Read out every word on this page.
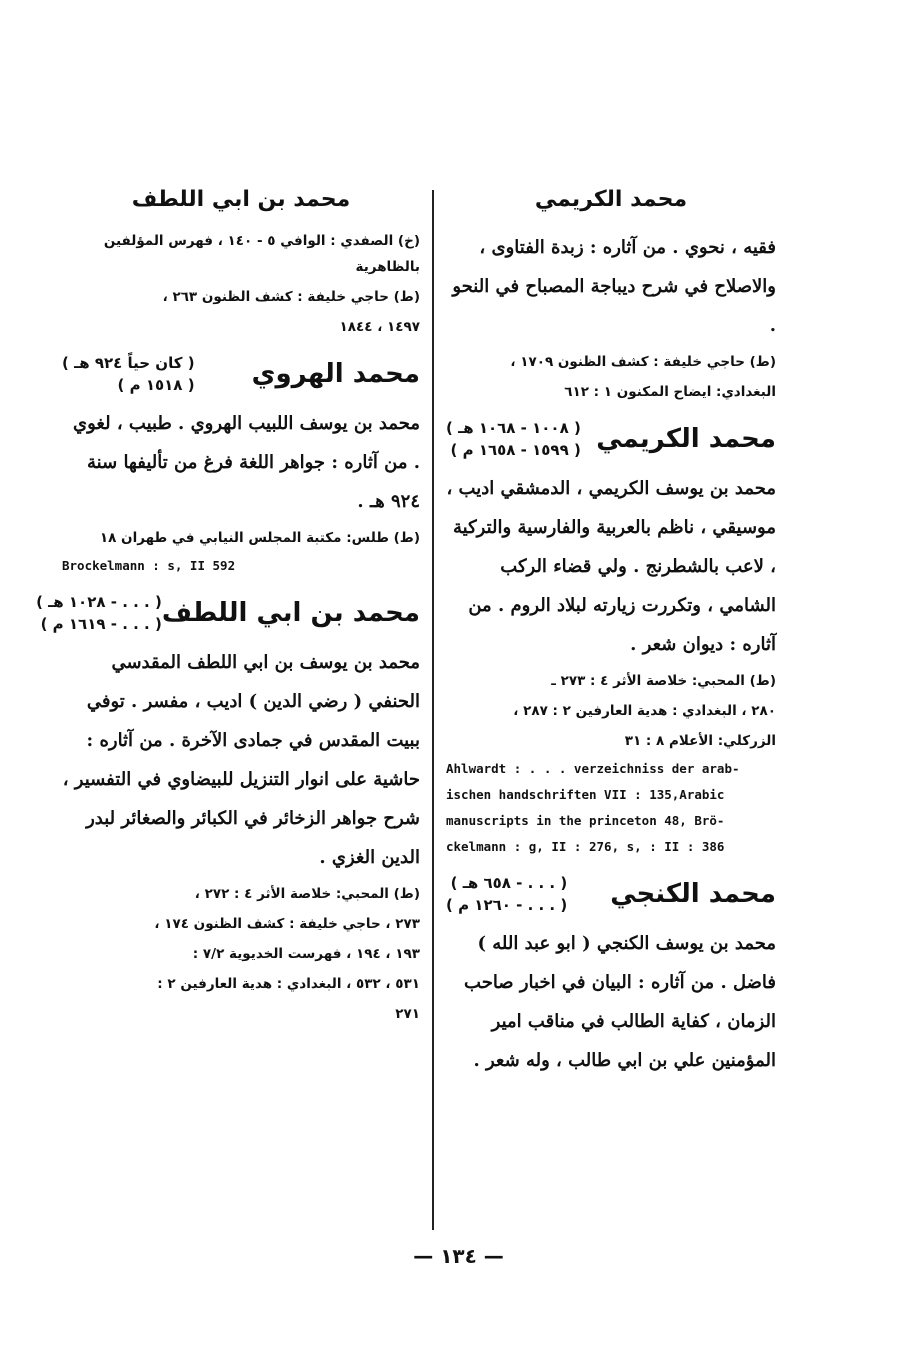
محمد الكريمي

فقيه ، نحوي . من آثاره : زبدة الفتاوى ، والاصلاح في شرح ديباجة المصباح في النحو .

(ط) حاجي خليفة : كشف الظنون ١٧٠٩ ،

البغدادي: ايضاح المكنون ١ : ٦١٢

محمد الكريمي
( ١٠٠٨ - ١٠٦٨ هـ )
( ١٥٩٩ - ١٦٥٨ م )

محمد بن يوسف الكريمي ، الدمشقي اديب ، موسيقي ، ناظم بالعربية والفارسية والتركية ، لاعب بالشطرنج . ولي قضاء الركب الشامي ، وتكررت زيارته لبلاد الروم . من آثاره : ديوان شعر .

(ط) المحبي: خلاصة الأثر ٤ : ٢٧٣ ـ

٢٨٠ ، البغدادي : هدية العارفين ٢ : ٢٨٧ ،

الزركلي: الأعلام ٨ : ٣١

Ahlwardt : . . . verzeichniss der arab-
ischen handschriften VII : 135,Arabic
manuscripts in the princeton 48, Brö-
ckelmann : g, II : 276, s, : II : 386

محمد الكنجي
( . . . - ٦٥٨ هـ )
( . . . - ١٢٦٠ م )

محمد بن يوسف الكنجي ( ابو عبد الله ) فاضل . من آثاره : البيان في اخبار صاحب الزمان ، كفاية الطالب في مناقب امير المؤمنين علي بن ابي طالب ، وله شعر .

محمد بن ابي اللطف

(خ) الصفدي : الوافي ٥ - ١٤٠ ، فهرس المؤلفين بالظاهرية

(ط) حاجي خليفة : كشف الظنون ٢٦٣ ،

١٤٩٧ ، ١٨٤٤

محمد الهروي
( كان حياً ٩٢٤ هـ )
( ١٥١٨ م )

محمد بن يوسف اللبيب الهروي . طبيب ، لغوي . من آثاره : جواهر اللغة فرغ من تأليفها سنة ٩٢٤ هـ .

(ط) طلس: مكتبة المجلس النيابي في طهران ١٨

Brockelmann : s, II 592

محمد بن ابي اللطف
( . . . - ١٠٢٨ هـ )
( . . . - ١٦١٩ م )

محمد بن يوسف بن ابي اللطف المقدسي الحنفي ( رضي الدين ) اديب ، مفسر . توفي ببيت المقدس في جمادى الآخرة . من آثاره : حاشية على انوار التنزيل للبيضاوي في التفسير ، شرح جواهر الزخائر في الكبائر والصغائر لبدر الدين الغزي .

(ط) المحبي: خلاصة الأثر ٤ : ٢٧٢ ،

٢٧٣ ، حاجي خليفة : كشف الظنون ١٧٤ ،

١٩٣ ، ١٩٤ ، فهرست الخديوية ٧/٢ :

٥٣١ ، ٥٣٢ ، البغدادي : هدية العارفين ٢ :

٢٧١

— ١٣٤ —
